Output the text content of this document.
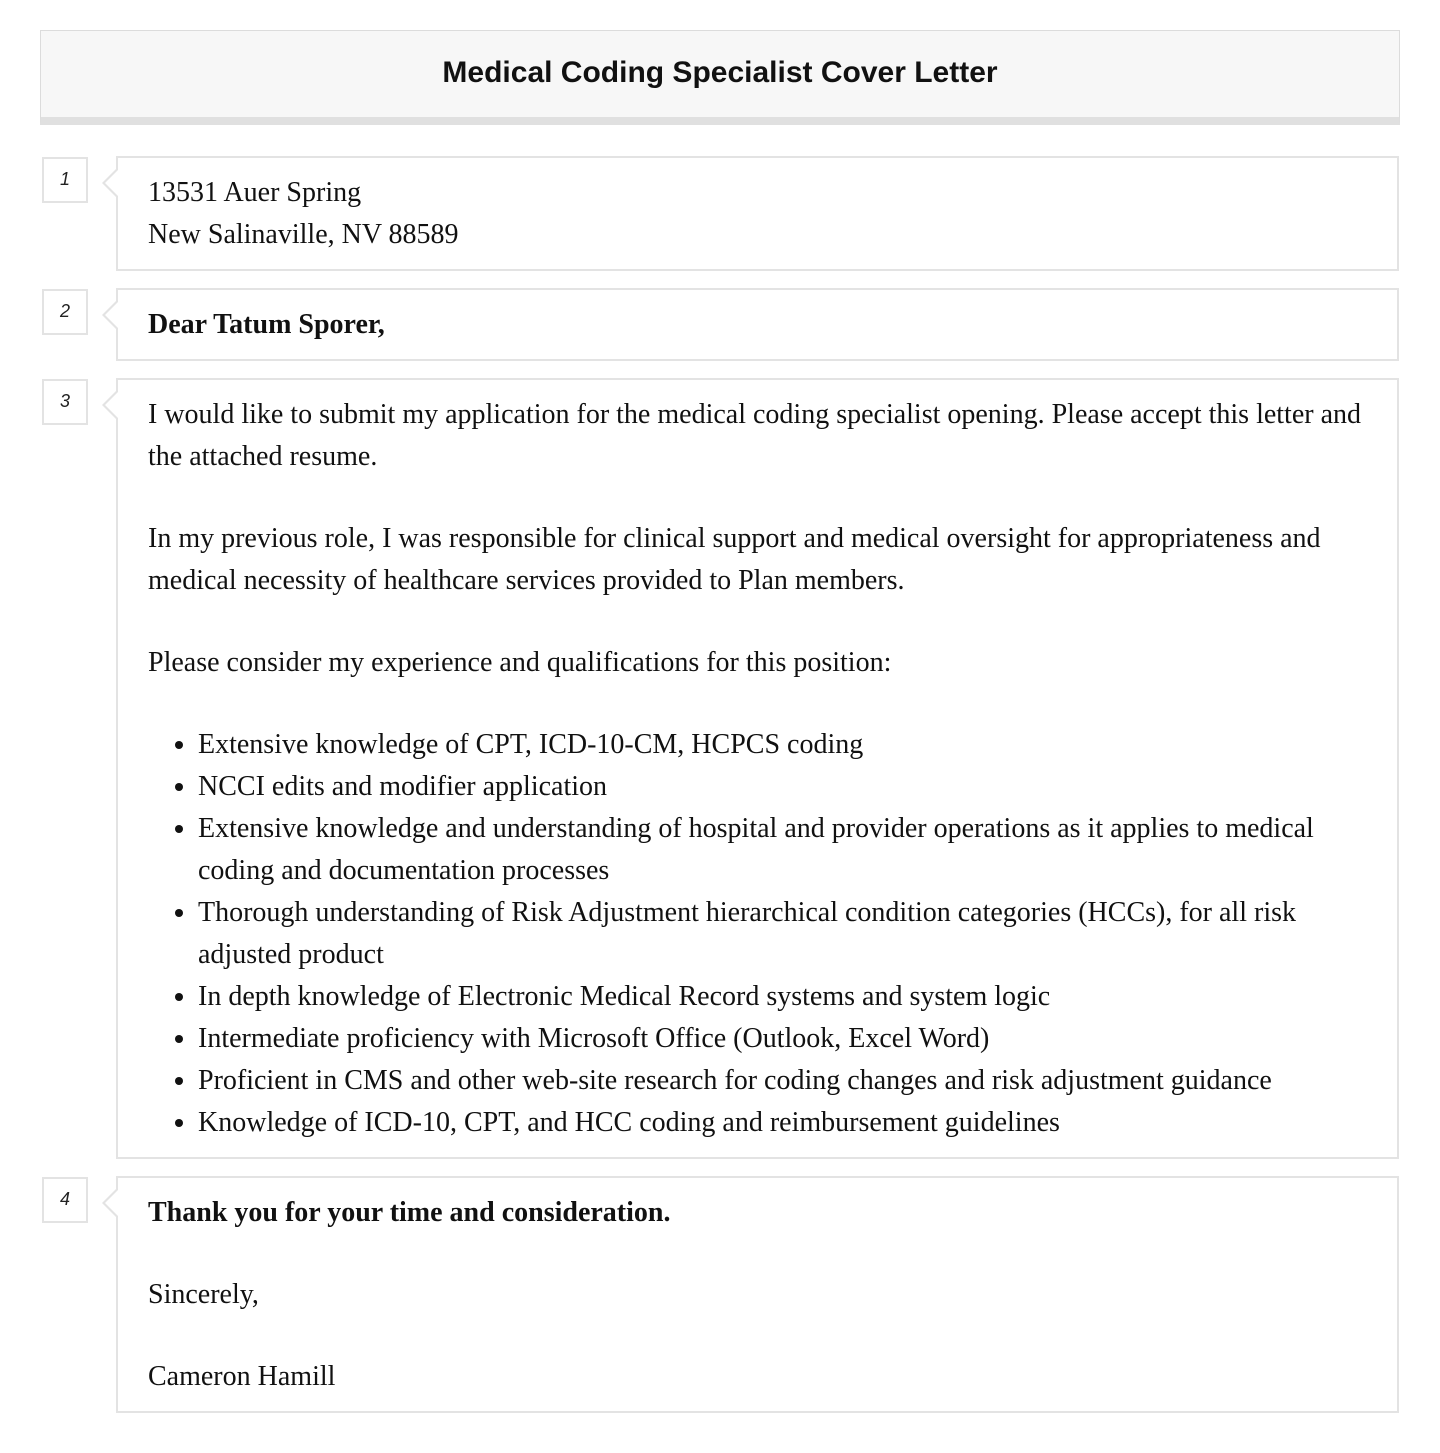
Medical Coding Specialist Cover Letter
1	13531 Auer Spring

New Salinaville, NV 88589

2	Dear Tatum Sporer,

3	I would like to submit my application for the medical coding specialist opening. Please accept this letter and the attached resume.

In my previous role, I was responsible for clinical support and medical oversight for appropriateness and medical necessity of healthcare services provided to Plan members.

Please consider my experience and qualifications for this position:

• Extensive knowledge of CPT, ICD-10-CM, HCPCS coding
• NCCI edits and modifier application
• Extensive knowledge and understanding of hospital and provider operations as it applies to medical coding and documentation processes
• Thorough understanding of Risk Adjustment hierarchical condition categories (HCCs), for all risk adjusted product
• In depth knowledge of Electronic Medical Record systems and system logic
• Intermediate proficiency with Microsoft Office (Outlook, Excel Word)
• Proficient in CMS and other web-site research for coding changes and risk adjustment guidance
• Knowledge of ICD-10, CPT, and HCC coding and reimbursement guidelines
4	Thank you for your time and consideration.

Sincerely,

Cameron Hamill
